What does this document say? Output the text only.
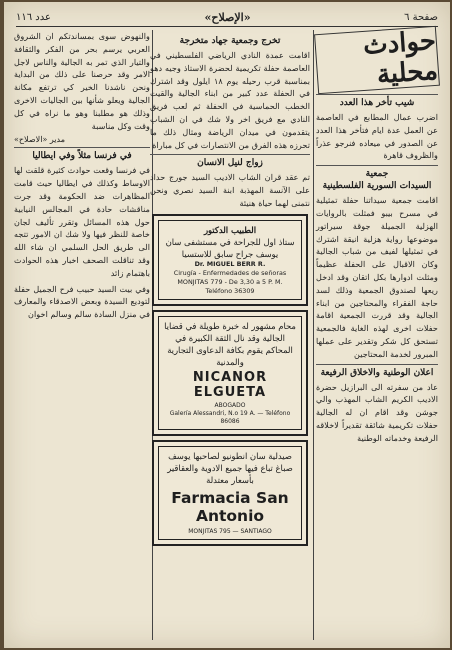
صفحة ٦
«الإصلاح»
عدد ١١٦
حوادث محلية
شيب تأخر هذا العدد

اضرب عمال المطابع في العاصمة عن العمل عدة ايام فتأخر هذا العدد عن الصدور في ميعاده فنرجو عذراً والظروف قاهرة

جمعية
السيدات السورية الفلسطينية

اقامت جمعية سيداتنا حفلة تمثيلية في مسرح بيبو فمثلت بالروايات الهزلية الجميلة جوقة سيراتور موضوعها رواية هزلية انيقة اشترك في تمثيلها لفيف من شباب الجالية وكان الاقبال على الحفلة عظيماً ومثلت ادوارها بكل اتقان وقد ادخل ريعها لصندوق الجمعية وذلك لسد حاجة الفقراء والمحتاجين من ابناء الجالية وقد قررت الجمعية اقامة حفلات اخرى لهذه الغاية فالجمعية تستحق كل شكر وتقدير على عملها المبرور لخدمة المحتاجين

اعلان الوطنية والاخلاق الرفيعة

عاد من سفرته الى البرازيل حضرة الاديب الكريم الشاب المهذب والي جوشن وقد اقام ان له الجالية حفلات تكريمية شائقة تقديراً لاخلاقه الرفيعة وخدماته الوطنية

تخرج وجمعية جهاد متخرجة

اقامت عمدة النادي الرياضي الفلسطيني في العاصمة حفلة تكريمية لحضرة الاستاذ وجيه دهو بمناسبة قرب رحيله يوم ١٨ ايلول وقد اشترك في الحفلة عدد كبير من ابناء الجالية والقيت الخطب الحماسية في الحفلة ثم لعب فريق النادي مع فريق اخر ولا شك في ان الشباب يتقدمون في ميدان الرياضة ومثال ذلك ما تحرزه هذه الفرق من الانتصارات في كل مباراة

زواج لنيل الانسان

تم عقد قران الشاب الاديب السيد جورج حداد على الآنسة المهذبة ابنة السيد نصري ونحن نتمنى لهما حياة هنيئة

الطبيب الدكتور
ستاذ اول للجراحة في مستشفى سان يوسف جراح سابق للاستسيا
Dr. MIGUEL BERR R.
Cirugía - Enfermedades de señoras
MONJITAS 779 - De 3,30 a 5 P. M.
Teléfono 36309
محام مشهور له خبرة طويلة في قضايا الجالية وقد نال الثقة الكبيرة في المحاكم يقوم بكافة الدعاوى التجارية والمدنية
NICANOR ELGUETA
ABOGADO
Galería Alessandri, N.o 19 A. — Teléfono 86086
صيدلية سان انطونيو لصاحبها يوسف صباغ تباع فيها جميع الادوية والعقاقير بأسعار معتدلة
Farmacia San Antonio
MONJITAS 795 — SANTIAGO

والنهوض سوى بمساندتكم ان الشروق العربي يرسم بحر من الفكر والثقافة والتيار الذي تمر به الجالية والناس لاجل الامر وقد حرصنا على ذلك من البداية ونحن ناشدنا الخير كي ترتفع مكانة الجالية ويعلو شأنها بين الجاليات الاخرى وذلك هو مطلبنا وهو ما نراه في كل وقت وكل مناسبة

مدير «الاصلاح»

في فرنسا مثلاً وفي ايطاليا

في فرنسا وقعت حوادث كثيرة قلقت لها الاوساط وكذلك في ايطاليا حيث قامت المظاهرات ضد الحكومة وقد جرت مناقشات حادة في المجالس النيابية حول هذه المسائل وتقرر تأليف لجان خاصة للنظر فيها ولا شك ان الامور تتجه الى طريق الحل السلمي ان شاء الله وقد تناقلت الصحف اخبار هذه الحوادث باهتمام زائد

وفي بيت السيد حبيب فرح الجميل حفلة لتوديع السيدة وبعض الاصدقاء والمعارف في منزل السادة سالم وسالم اخوان
